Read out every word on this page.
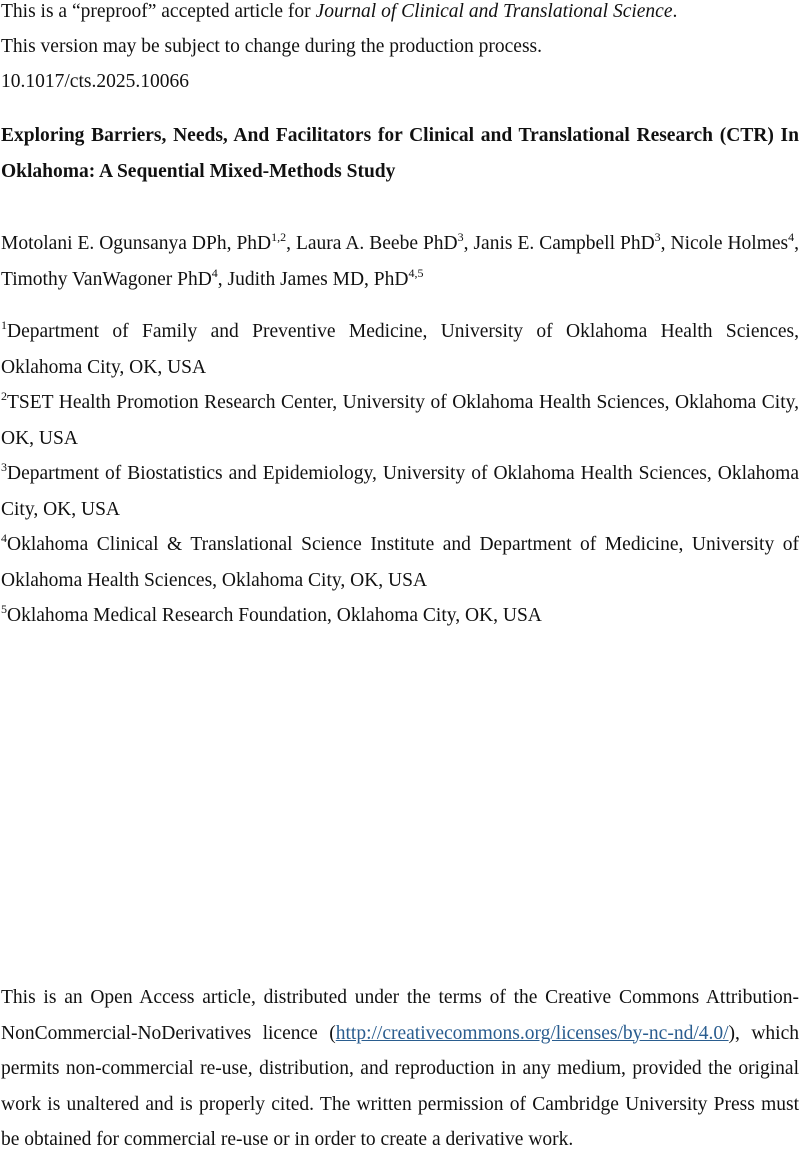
This is a “preproof” accepted article for Journal of Clinical and Translational Science.
This version may be subject to change during the production process.
10.1017/cts.2025.10066
Exploring Barriers, Needs, And Facilitators for Clinical and Translational Research (CTR) In Oklahoma: A Sequential Mixed-Methods Study
Motolani E. Ogunsanya DPh, PhD$^{1,2}$, Laura A. Beebe PhD$^3$, Janis E. Campbell PhD$^3$, Nicole Holmes$^4$, Timothy VanWagoner PhD$^4$, Judith James MD, PhD$^{4,5}$
$^1$Department of Family and Preventive Medicine, University of Oklahoma Health Sciences, Oklahoma City, OK, USA
$^2$TSET Health Promotion Research Center, University of Oklahoma Health Sciences, Oklahoma City, OK, USA
$^3$Department of Biostatistics and Epidemiology, University of Oklahoma Health Sciences, Oklahoma City, OK, USA
$^4$Oklahoma Clinical & Translational Science Institute and Department of Medicine, University of Oklahoma Health Sciences, Oklahoma City, OK, USA
$^5$Oklahoma Medical Research Foundation, Oklahoma City, OK, USA
This is an Open Access article, distributed under the terms of the Creative Commons Attribution-NonCommercial-NoDerivatives licence (http://creativecommons.org/licenses/by-nc-nd/4.0/), which permits non-commercial re-use, distribution, and reproduction in any medium, provided the original work is unaltered and is properly cited. The written permission of Cambridge University Press must be obtained for commercial re-use or in order to create a derivative work.
